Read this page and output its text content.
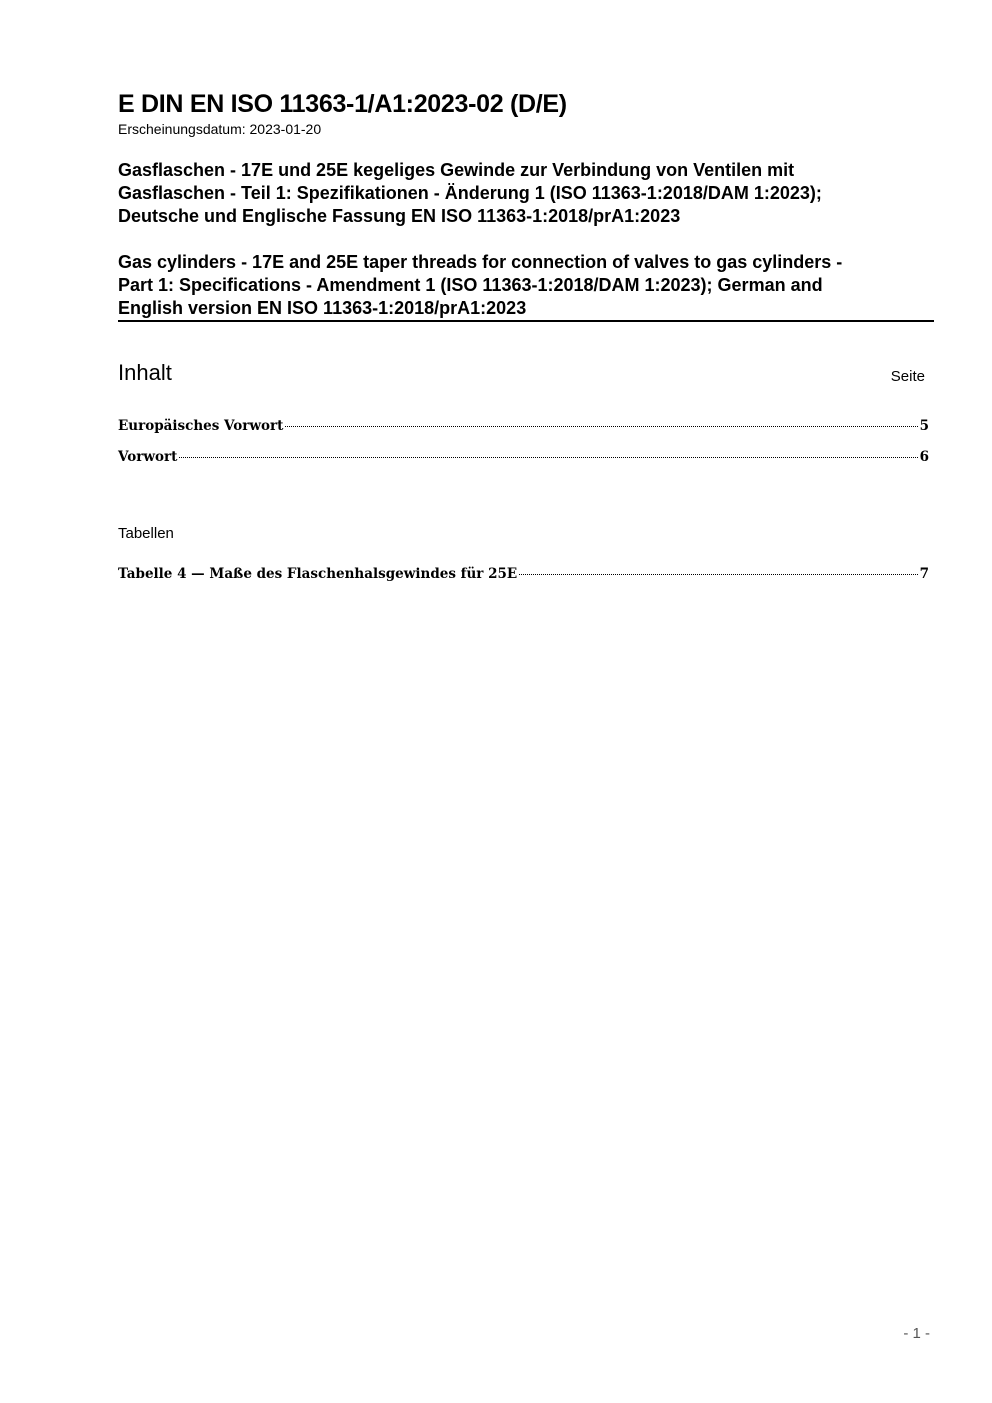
E DIN EN ISO 11363-1/A1:2023-02 (D/E)
Erscheinungsdatum: 2023-01-20
Gasflaschen - 17E und 25E kegeliges Gewinde zur Verbindung von Ventilen mit
Gasflaschen - Teil 1: Spezifikationen - Änderung 1 (ISO 11363-1:2018/DAM 1:2023);
Deutsche und Englische Fassung EN ISO 11363-1:2018/prA1:2023
Gas cylinders - 17E and 25E taper threads for connection of valves to gas cylinders -
Part 1: Specifications - Amendment 1 (ISO 11363-1:2018/DAM 1:2023); German and
English version EN ISO 11363-1:2018/prA1:2023
Inhalt	Seite
Europäisches Vorwort	5
Vorwort	6
Tabellen
Tabelle 4 — Maße des Flaschenhalsgewindes für 25E	7
- 1 -
